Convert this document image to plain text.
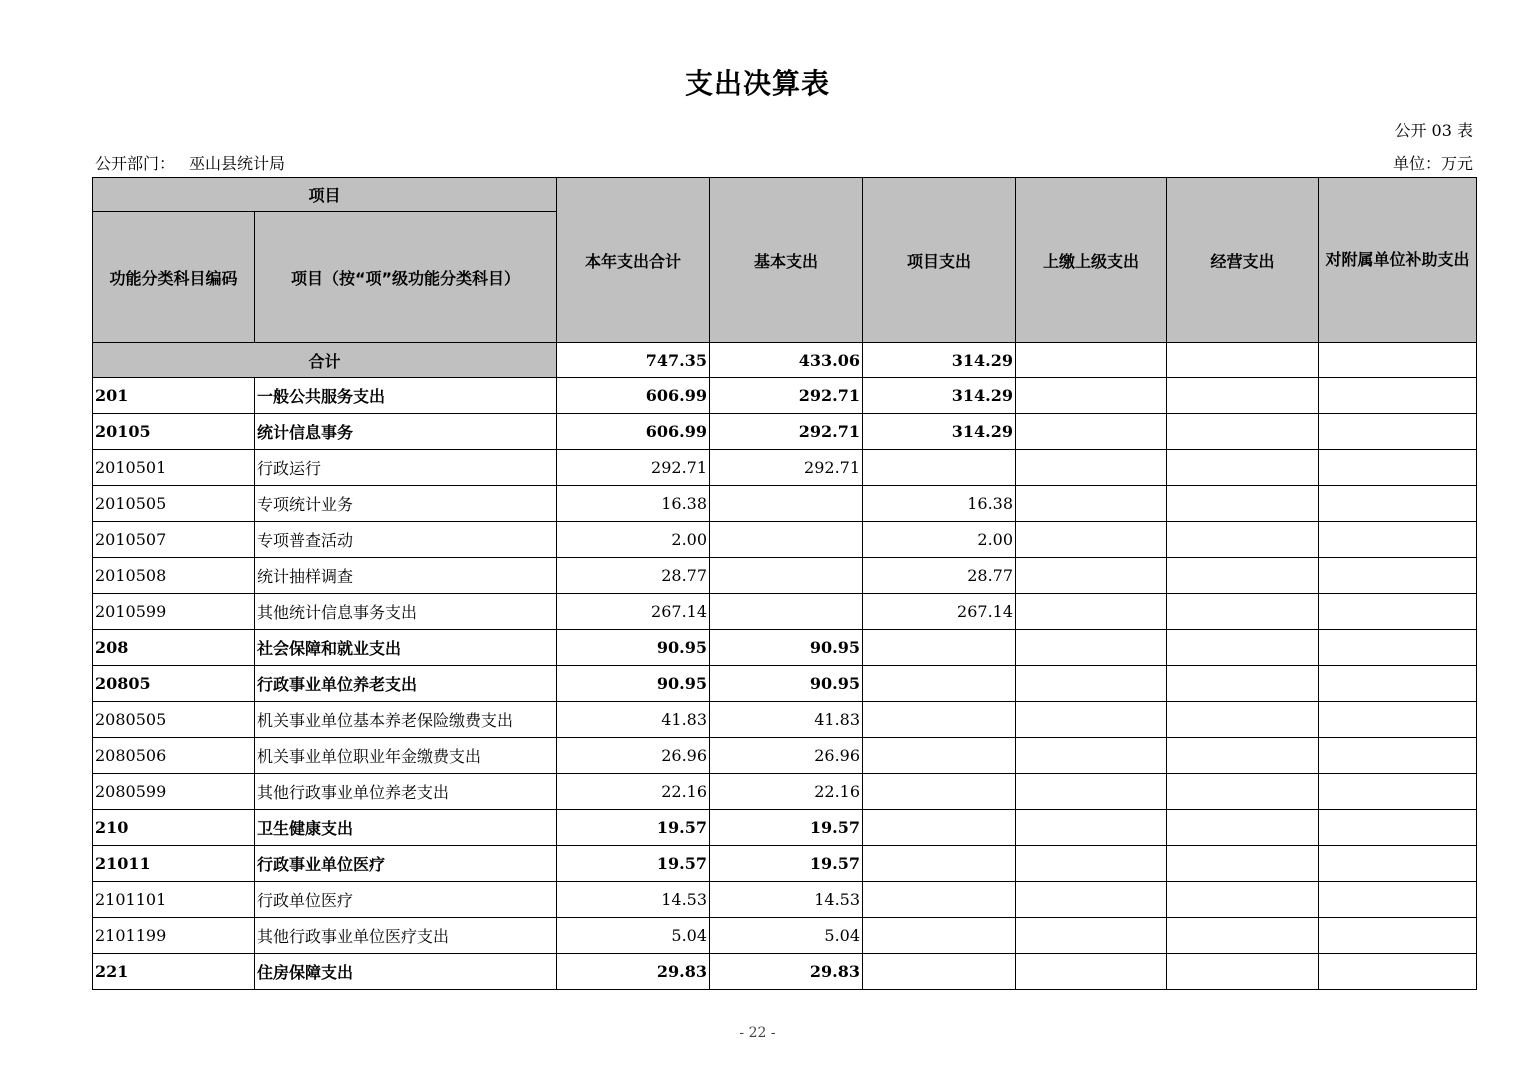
支出决算表
公开 03 表
公开部门： 巫山县统计局	单位：万元
项目		本年支出合计	基本支出	项目支出	上缴上级支出	经营支出	对附属单位补助支出
功能分类科目编码	项目（按“项”级功能分类科目）						
合计		747.35	433.06	314.29			
201	一般公共服务支出	606.99	292.71	314.29			
20105	统计信息事务	606.99	292.71	314.29			
2010501	行政运行	292.71	292.71				
2010505	专项统计业务	16.38		16.38			
2010507	专项普查活动	2.00		2.00			
2010508	统计抽样调查	28.77		28.77			
2010599	其他统计信息事务支出	267.14		267.14			
208	社会保障和就业支出	90.95	90.95				
20805	行政事业单位养老支出	90.95	90.95				
2080505	机关事业单位基本养老保险缴费支出	41.83	41.83				
2080506	机关事业单位职业年金缴费支出	26.96	26.96				
2080599	其他行政事业单位养老支出	22.16	22.16				
210	卫生健康支出	19.57	19.57				
21011	行政事业单位医疗	19.57	19.57				
2101101	行政单位医疗	14.53	14.53				
2101199	其他行政事业单位医疗支出	5.04	5.04				
221	住房保障支出	29.83	29.83				
- 22 -
